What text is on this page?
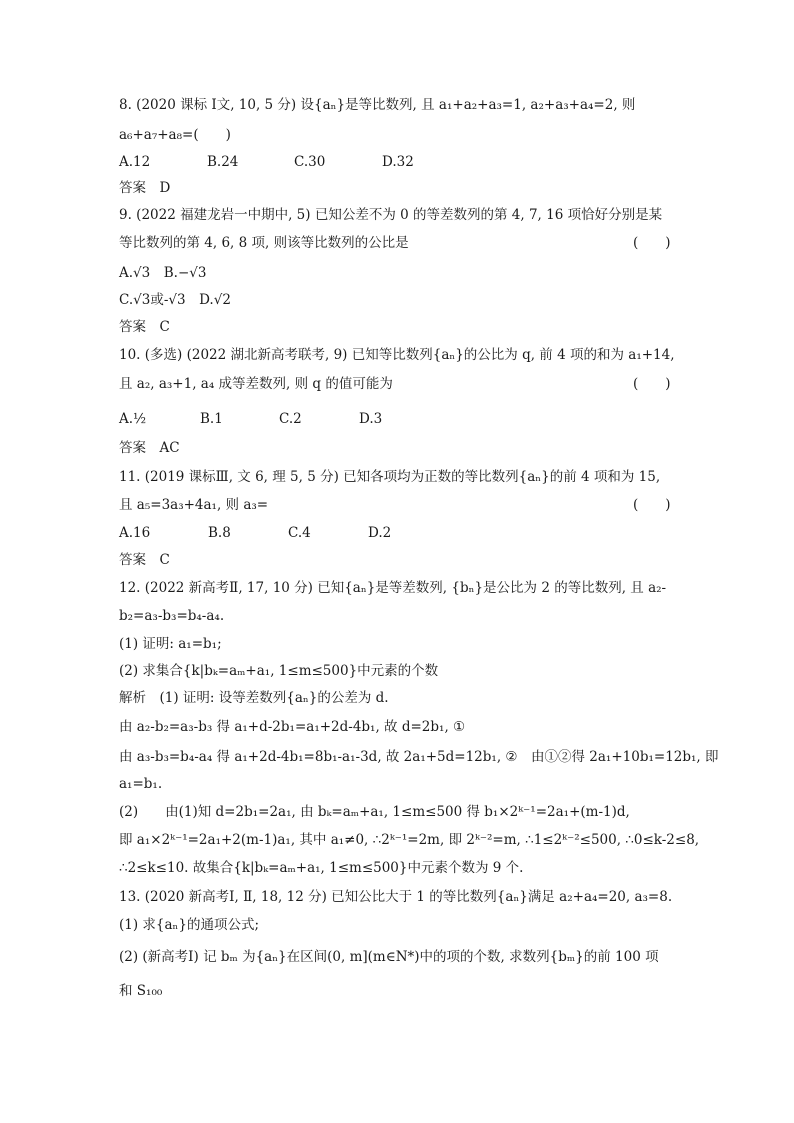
8. (2020 课标 Ⅰ文, 10, 5 分) 设{aₙ}是等比数列, 且 a₁+a₂+a₃=1, a₂+a₃+a₄=2, 则
a₆+a₇+a₈=(　　)
A.12	B.24	C.30	D.32
答案　D
9. (2022 福建龙岩一中期中, 5) 已知公差不为 0 的等差数列的第 4, 7, 16 项恰好分别是某
等比数列的第 4, 6, 8 项, 则该等比数列的公比是	(　　)
A.√3　B.−√3
C.√3或-√3　D.√2
答案　C
10. (多选) (2022 湖北新高考联考, 9) 已知等比数列{aₙ}的公比为 q, 前 4 项的和为 a₁+14,
且 a₂, a₃+1, a₄ 成等差数列, 则 q 的值可能为	(　　)
A.½	B.1	C.2	D.3
答案　AC
11. (2019 课标Ⅲ, 文 6, 理 5, 5 分) 已知各项均为正数的等比数列{aₙ}的前 4 项和为 15,
且 a₅=3a₃+4a₁, 则 a₃=	(　　)
A.16	B.8	C.4	D.2
答案　C
12. (2022 新高考Ⅱ, 17, 10 分) 已知{aₙ}是等差数列, {bₙ}是公比为 2 的等比数列, 且 a₂-
b₂=a₃-b₃=b₄-a₄.
(1) 证明: a₁=b₁;
(2) 求集合{k|bₖ=aₘ+a₁, 1≤m≤500}中元素的个数
解析　(1) 证明: 设等差数列{aₙ}的公差为 d.
由 a₂-b₂=a₃-b₃ 得 a₁+d-2b₁=a₁+2d-4b₁, 故 d=2b₁, ①
由 a₃-b₃=b₄-a₄ 得 a₁+2d-4b₁=8b₁-a₁-3d, 故 2a₁+5d=12b₁, ②　由①②得 2a₁+10b₁=12b₁, 即
a₁=b₁.
(2)　　由(1)知 d=2b₁=2a₁, 由 bₖ=aₘ+a₁, 1≤m≤500 得 b₁×2ᵏ⁻¹=2a₁+(m-1)d,
即 a₁×2ᵏ⁻¹=2a₁+2(m-1)a₁, 其中 a₁≠0, ∴2ᵏ⁻¹=2m, 即 2ᵏ⁻²=m, ∴1≤2ᵏ⁻²≤500, ∴0≤k-2≤8,
∴2≤k≤10. 故集合{k|bₖ=aₘ+a₁, 1≤m≤500}中元素个数为 9 个.
13. (2020 新高考Ⅰ, Ⅱ, 18, 12 分) 已知公比大于 1 的等比数列{aₙ}满足 a₂+a₄=20, a₃=8.
(1) 求{aₙ}的通项公式;
(2) (新高考Ⅰ) 记 bₘ 为{aₙ}在区间(0, m](m∈N*)中的项的个数, 求数列{bₘ}的前 100 项
和 S₁₀₀
